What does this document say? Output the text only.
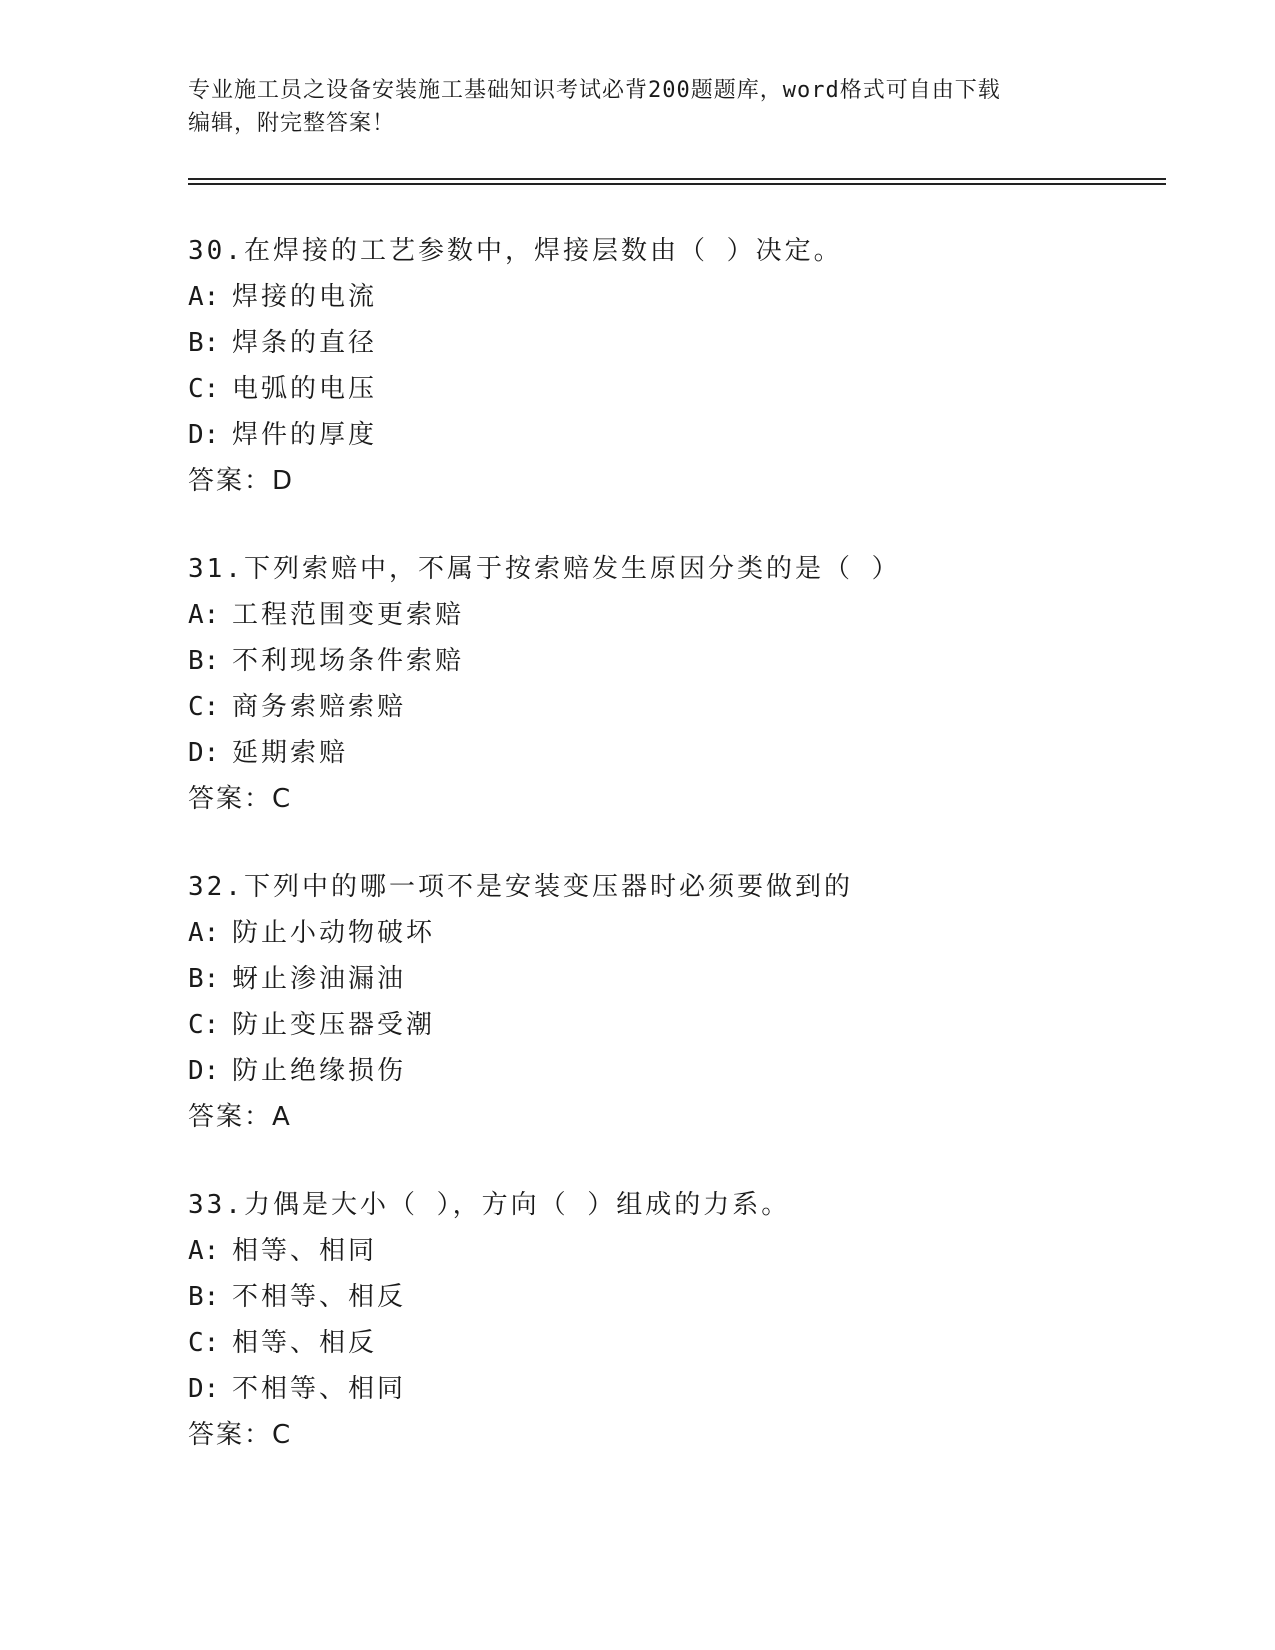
专业施工员之设备安装施工基础知识考试必背200题题库，word格式可自由下载
编辑，附完整答案！
30.在焊接的工艺参数中，焊接层数由（ ）决定。
A: 焊接的电流
B: 焊条的直径
C: 电弧的电压
D: 焊件的厚度
答案：D
31.下列索赔中，不属于按索赔发生原因分类的是（ ）
A: 工程范围变更索赔
B: 不利现场条件索赔
C: 商务索赔索赔
D: 延期索赔
答案：C
32.下列中的哪一项不是安装变压器时必须要做到的
A: 防止小动物破坏
B: 蚜止渗油漏油
C: 防止变压器受潮
D: 防止绝缘损伤
答案：A
33.力偶是大小（ ），方向（ ）组成的力系。
A: 相等、相同
B: 不相等、相反
C: 相等、相反
D: 不相等、相同
答案：C
